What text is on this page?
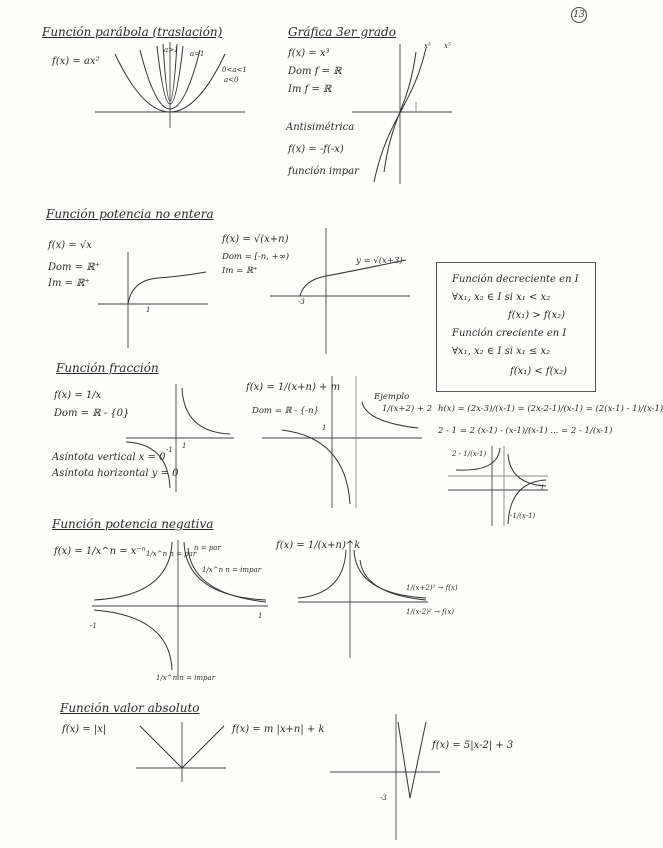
13
Función parábola (traslación)
f(x) = ax²
a>1 a=1
0<a<1
a<0
Gráfica 3er grado
f(x) = x³
Dom f = ℝ
Im f = ℝ
Antisimétrica
f(x) = -f(-x)
función impar
x³ x⁵
Función potencia no entera
f(x) = √x
Dom = ℝ⁺
Im = ℝ⁺
1
f(x) = √(x+n)
Dom = [-n, +∞)
Im = ℝ⁺
y = √(x+3)
-3
Función decreciente en I
∀x₁, x₂ ∈ I si x₁ < x₂
f(x₁) > f(x₂)
Función creciente en I
∀x₁, x₂ ∈ I si x₁ ≤ x₂
f(x₁) < f(x₂)
Función fracción
f(x) = 1/x
Dom = ℝ - {0}
Asíntota vertical x = 0
Asíntota horizontal y = 0
1
-1
f(x) = 1/(x+n) + m
Dom = ℝ - {-n}
Ejemplo
1/(x+2) + 2
1
h(x) = (2x-3)/(x-1) = (2x-2-1)/(x-1) = (2(x-1) - 1)/(x-1)
2 - 1 = 2 (x-1) - (x-1)/(x-1) ... = 2 - 1/(x-1)
2 - 1/(x-1)
-1/(x-1)
1
Función potencia negativa
f(x) = 1/x^n = x⁻ⁿ 1/x^n n = par
n = par
1/x^n n = impar
1/x^n n = impar
1
-1
f(x) = 1/(x+n)^k
1/(x+2)² → f(x)
1/(x-2)² → f(x)
Función valor absoluto
f(x) = |x|	f(x) = m |x+n| + k
f(x) = 5|x-2| + 3
-3
